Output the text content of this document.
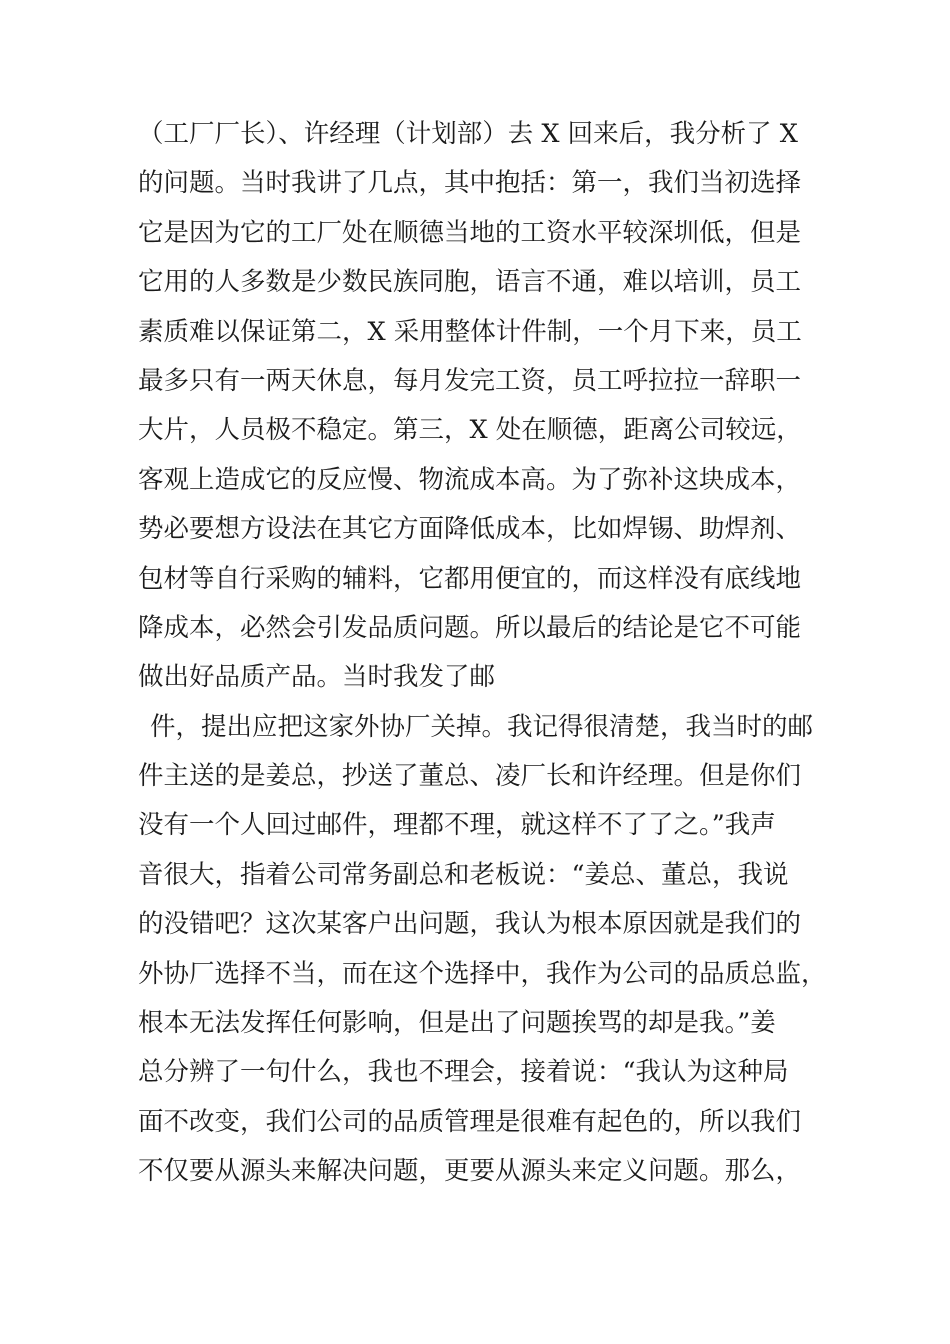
（工厂厂长）、许经理（计划部）去 X 回来后，我分析了 X
的问题。当时我讲了几点，其中抱括：第一，我们当初选择
它是因为它的工厂处在顺德当地的工资水平较深圳低，但是
它用的人多数是少数民族同胞，语言不通，难以培训，员工
素质难以保证第二，X 采用整体计件制，一个月下来，员工
最多只有一两天休息，每月发完工资，员工呼拉拉一辞职一
大片，人员极不稳定。第三，X 处在顺德，距离公司较远，
客观上造成它的反应慢、物流成本高。为了弥补这块成本，
势必要想方设法在其它方面降低成本，比如焊锡、助焊剂、
包材等自行采购的辅料，它都用便宜的，而这样没有底线地
降成本，必然会引发品质问题。所以最后的结论是它不可能
做出好品质产品。当时我发了邮
件，提出应把这家外协厂关掉。我记得很清楚，我当时的邮
件主送的是姜总，抄送了董总、凌厂长和许经理。但是你们
没有一个人回过邮件，理都不理，就这样不了了之。”我声
音很大，指着公司常务副总和老板说：“姜总、董总，我说
的没错吧？这次某客户出问题，我认为根本原因就是我们的
外协厂选择不当，而在这个选择中，我作为公司的品质总监，
根本无法发挥任何影响，但是出了问题挨骂的却是我。”姜
总分辨了一句什么，我也不理会，接着说：“我认为这种局
面不改变，我们公司的品质管理是很难有起色的，所以我们
不仅要从源头来解决问题，更要从源头来定义问题。那么，
